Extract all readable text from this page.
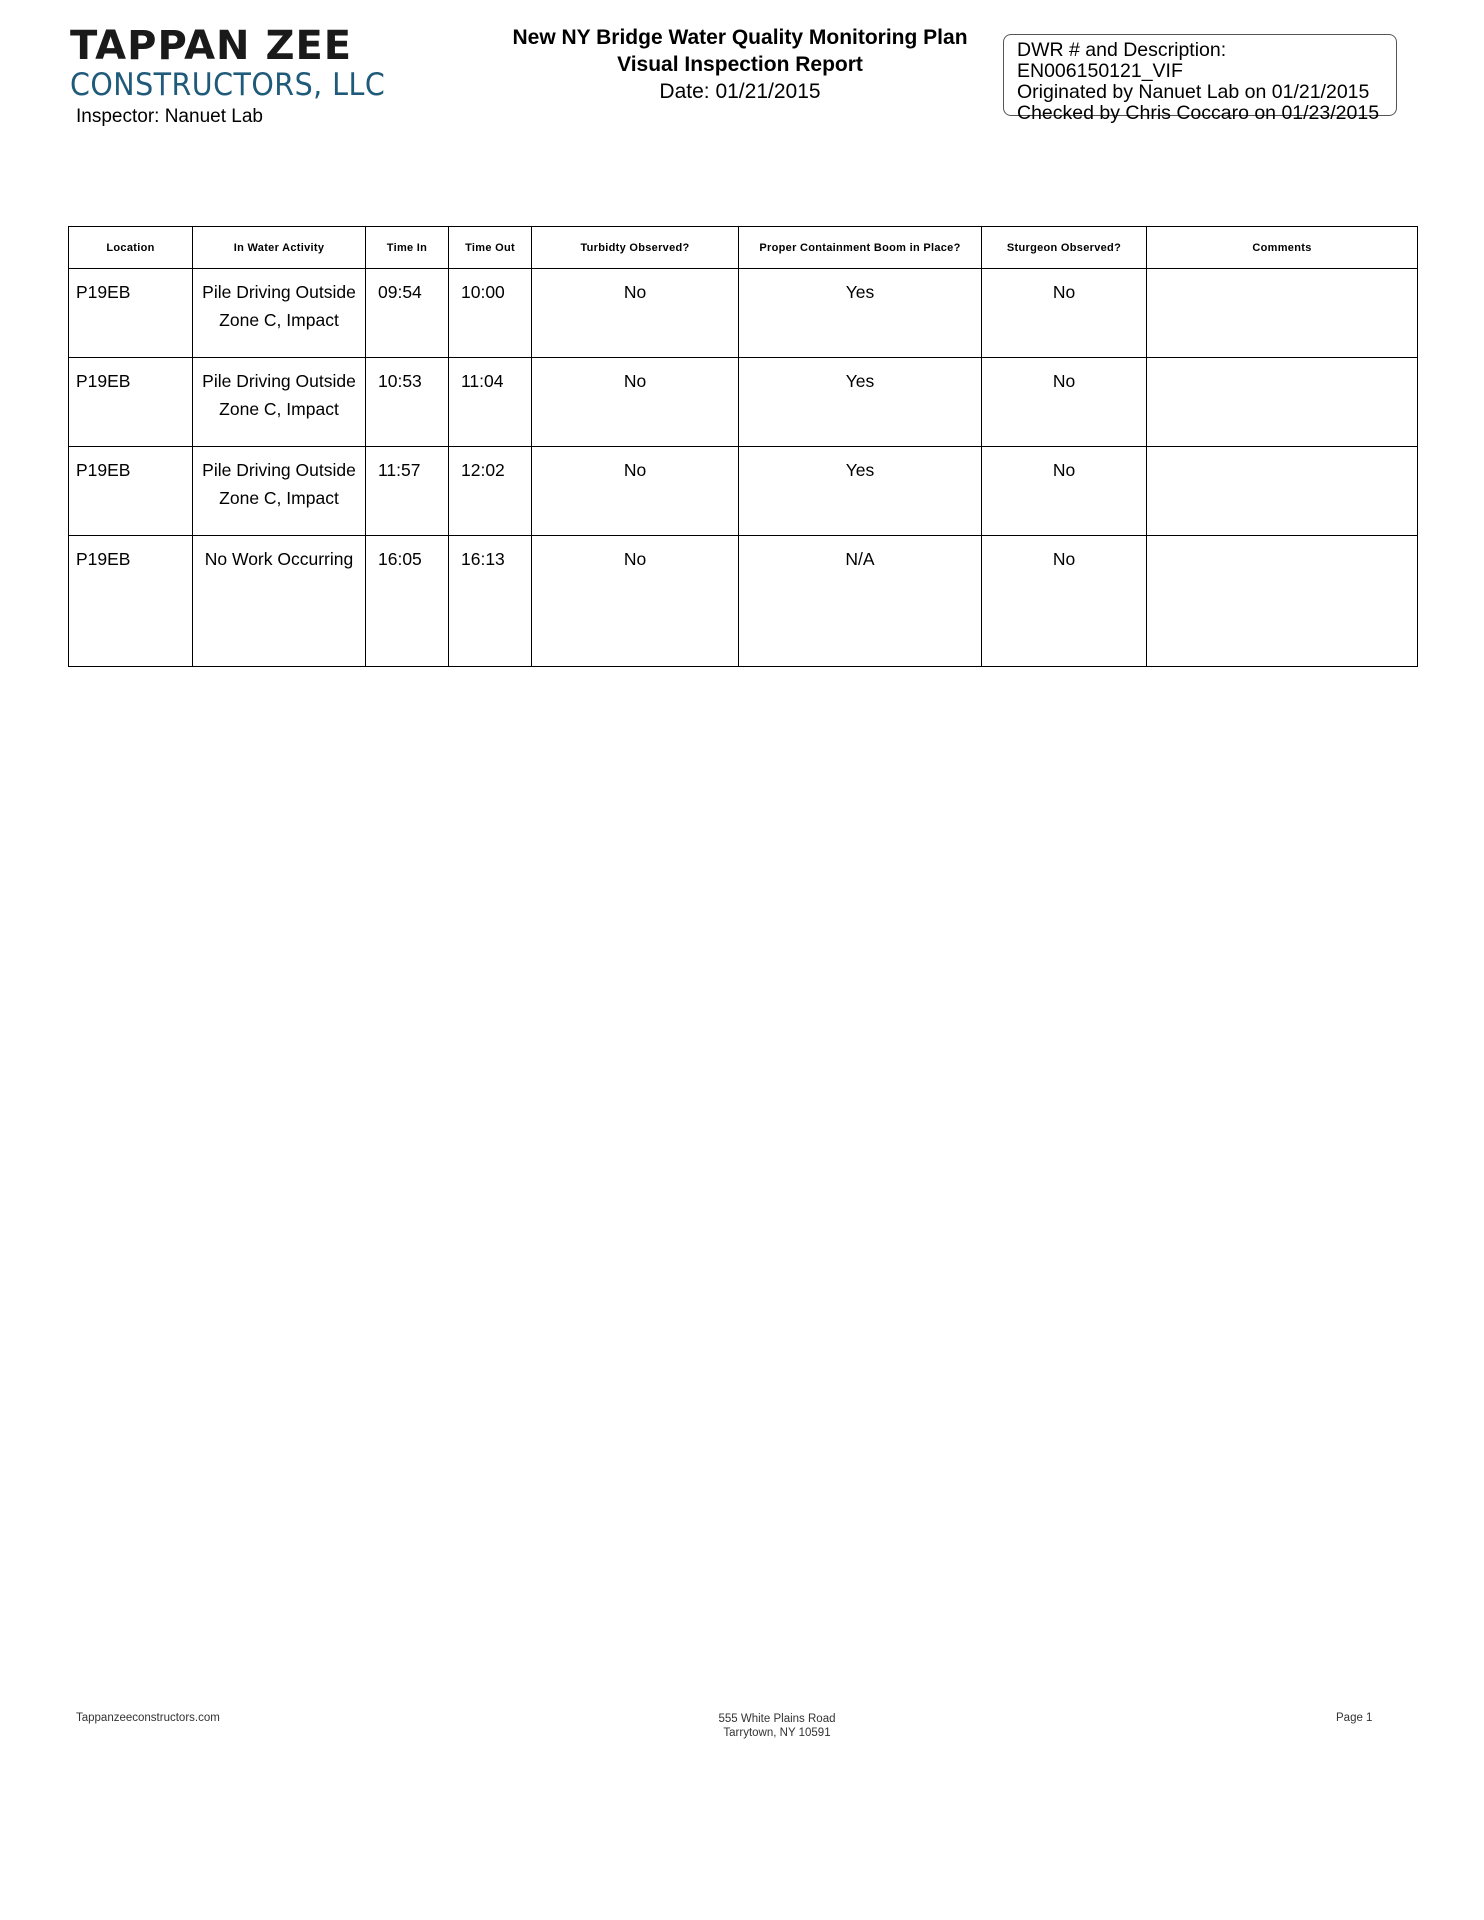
TAPPAN ZEE
CONSTRUCTORS, LLC
Inspector: Nanuet Lab
New NY Bridge Water Quality Monitoring Plan
Visual Inspection Report
Date: 01/21/2015
DWR # and Description: EN006150121_VIF
Originated by Nanuet Lab on 01/21/2015
Checked by Chris Coccaro on 01/23/2015
Location	In Water Activity	Time In	Time Out	Turbidty Observed?	Proper Containment Boom in Place?	Sturgeon Observed?	Comments
P19EB	Pile Driving Outside Zone C, Impact	09:54	10:00	No	Yes	No	
P19EB	Pile Driving Outside Zone C, Impact	10:53	11:04	No	Yes	No	
P19EB	Pile Driving Outside Zone C, Impact	11:57	12:02	No	Yes	No	
P19EB	No Work Occurring	16:05	16:13	No	N/A	No	
Tappanzeeconstructors.com	555 White Plains Road
Tarrytown, NY 10591
Page 1
